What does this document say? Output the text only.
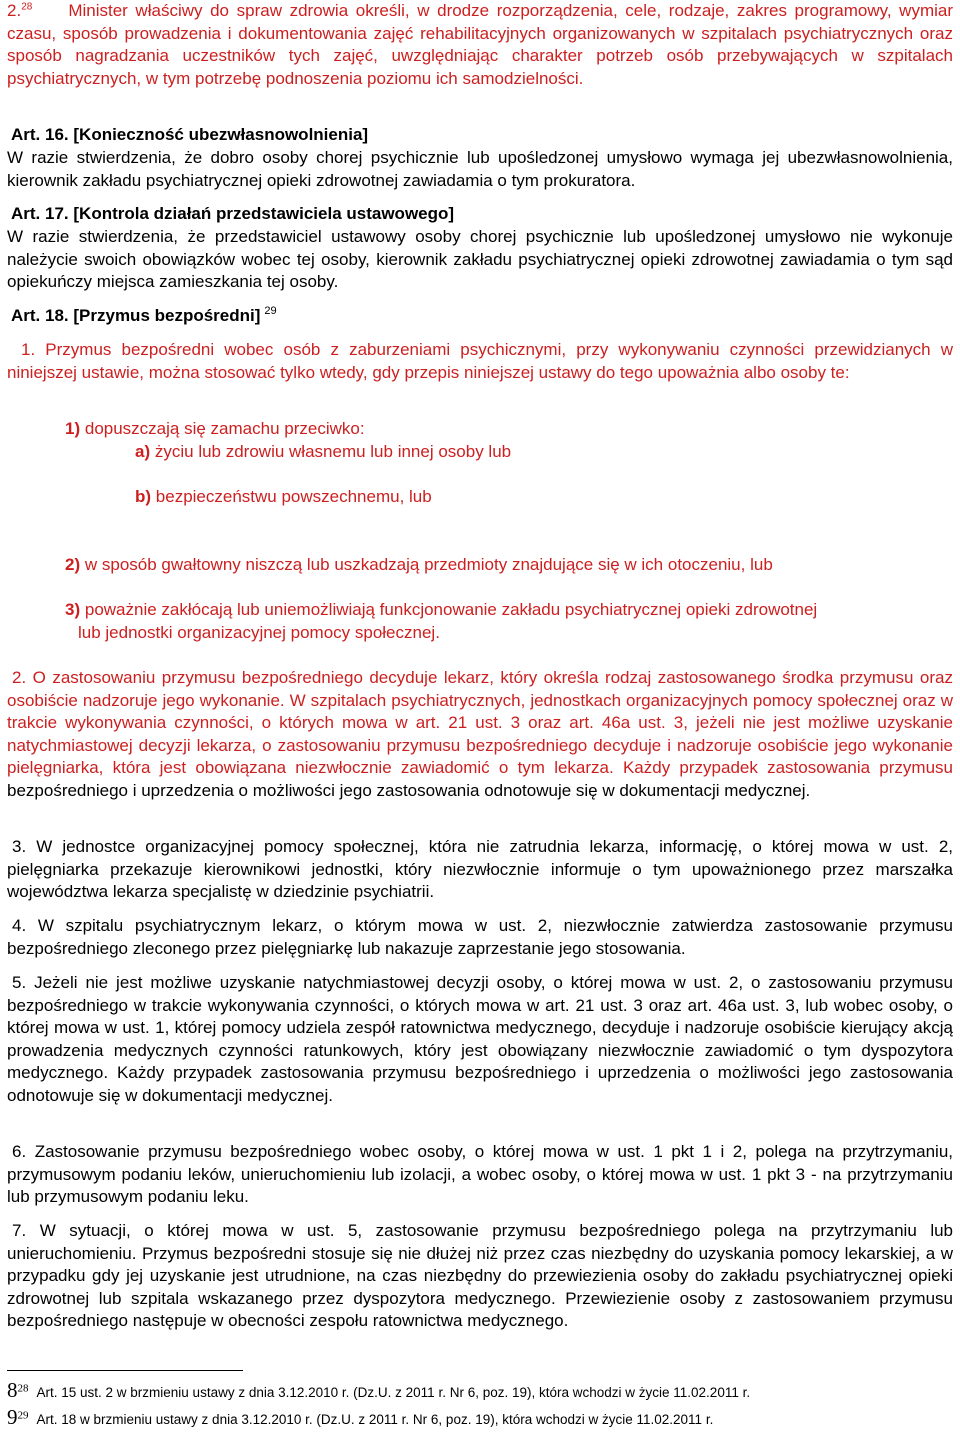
2.28 Minister właściwy do spraw zdrowia określi, w drodze rozporządzenia, cele, rodzaje, zakres programowy, wymiar czasu, sposób prowadzenia i dokumentowania zajęć rehabilitacyjnych organizowanych w szpitalach psychiatrycznych oraz sposób nagradzania uczestników tych zajęć, uwzględniając charakter potrzeb osób przebywających w szpitalach psychiatrycznych, w tym potrzebę podnoszenia poziomu ich samodzielności.

Art. 16. [Konieczność ubezwłasnowolnienia]

W razie stwierdzenia, że dobro osoby chorej psychicznie lub upośledzonej umysłowo wymaga jej ubezwłasnowolnienia, kierownik zakładu psychiatrycznej opieki zdrowotnej zawiadamia o tym prokuratora.

Art. 17. [Kontrola działań przedstawiciela ustawowego]

W razie stwierdzenia, że przedstawiciel ustawowy osoby chorej psychicznie lub upośledzonej umysłowo nie wykonuje należycie swoich obowiązków wobec tej osoby, kierownik zakładu psychiatrycznej opieki zdrowotnej zawiadamia o tym sąd opiekuńczy miejsca zamieszkania tej osoby.

Art. 18. [Przymus bezpośredni] $^{29}$

1. Przymus bezpośredni wobec osób z zaburzeniami psychicznymi, przy wykonywaniu czynności przewidzianych w niniejszej ustawie, można stosować tylko wtedy, gdy przepis niniejszej ustawy do tego upoważnia albo osoby te:

1) dopuszczają się zamachu przeciwko:

a) życiu lub zdrowiu własnemu lub innej osoby lub

b) bezpieczeństwu powszechnemu, lub

2) w sposób gwałtowny niszczą lub uszkadzają przedmioty znajdujące się w ich otoczeniu, lub

3) poważnie zakłócają lub uniemożliwiają funkcjonowanie zakładu psychiatrycznej opieki zdrowotnej

lub jednostki organizacyjnej pomocy społecznej.

2. O zastosowaniu przymusu bezpośredniego decyduje lekarz, który określa rodzaj zastosowanego środka przymusu oraz osobiście nadzoruje jego wykonanie. W szpitalach psychiatrycznych, jednostkach organizacyjnych pomocy społecznej oraz w trakcie wykonywania czynności, o których mowa w art. 21 ust. 3 oraz art. 46a ust. 3, jeżeli nie jest możliwe uzyskanie natychmiastowej decyzji lekarza, o zastosowaniu przymusu bezpośredniego decyduje i nadzoruje osobiście jego wykonanie pielęgniarka, która jest obowiązana niezwłocznie zawiadomić o tym lekarza. Każdy przypadek zastosowania przymusu bezpośredniego i uprzedzenia o możliwości jego zastosowania odnotowuje się w dokumentacji medycznej.

3. W jednostce organizacyjnej pomocy społecznej, która nie zatrudnia lekarza, informację, o której mowa w ust. 2, pielęgniarka przekazuje kierownikowi jednostki, który niezwłocznie informuje o tym upoważnionego przez marszałka województwa lekarza specjalistę w dziedzinie psychiatrii.

4. W szpitalu psychiatrycznym lekarz, o którym mowa w ust. 2, niezwłocznie zatwierdza zastosowanie przymusu bezpośredniego zleconego przez pielęgniarkę lub nakazuje zaprzestanie jego stosowania.

5. Jeżeli nie jest możliwe uzyskanie natychmiastowej decyzji osoby, o której mowa w ust. 2, o zastosowaniu przymusu bezpośredniego w trakcie wykonywania czynności, o których mowa w art. 21 ust. 3 oraz art. 46a ust. 3, lub wobec osoby, o której mowa w ust. 1, której pomocy udziela zespół ratownictwa medycznego, decyduje i nadzoruje osobiście kierujący akcją prowadzenia medycznych czynności ratunkowych, który jest obowiązany niezwłocznie zawiadomić o tym dyspozytora medycznego. Każdy przypadek zastosowania przymusu bezpośredniego i uprzedzenia o możliwości jego zastosowania odnotowuje się w dokumentacji medycznej.

6. Zastosowanie przymusu bezpośredniego wobec osoby, o której mowa w ust. 1 pkt 1 i 2, polega na przytrzymaniu, przymusowym podaniu leków, unieruchomieniu lub izolacji, a wobec osoby, o której mowa w ust. 1 pkt 3 - na przytrzymaniu lub przymusowym podaniu leku.

7. W sytuacji, o której mowa w ust. 5, zastosowanie przymusu bezpośredniego polega na przytrzymaniu lub unieruchomieniu. Przymus bezpośredni stosuje się nie dłużej niż przez czas niezbędny do uzyskania pomocy lekarskiej, a w przypadku gdy jej uzyskanie jest utrudnione, na czas niezbędny do przewiezienia osoby do zakładu psychiatrycznej opieki zdrowotnej lub szpitala wskazanego przez dyspozytora medycznego. Przewiezienie osoby z zastosowaniem przymusu bezpośredniego następuje w obecności zespołu ratownictwa medycznego.

$8^{28}$ Art. 15 ust. 2 w brzmieniu ustawy z dnia 3.12.2010 r. (Dz.U. z 2011 r. Nr 6, poz. 19), która wchodzi w życie 11.02.2011 r.
$9^{29}$ Art. 18 w brzmieniu ustawy z dnia 3.12.2010 r. (Dz.U. z 2011 r. Nr 6, poz. 19), która wchodzi w życie 11.02.2011 r.
